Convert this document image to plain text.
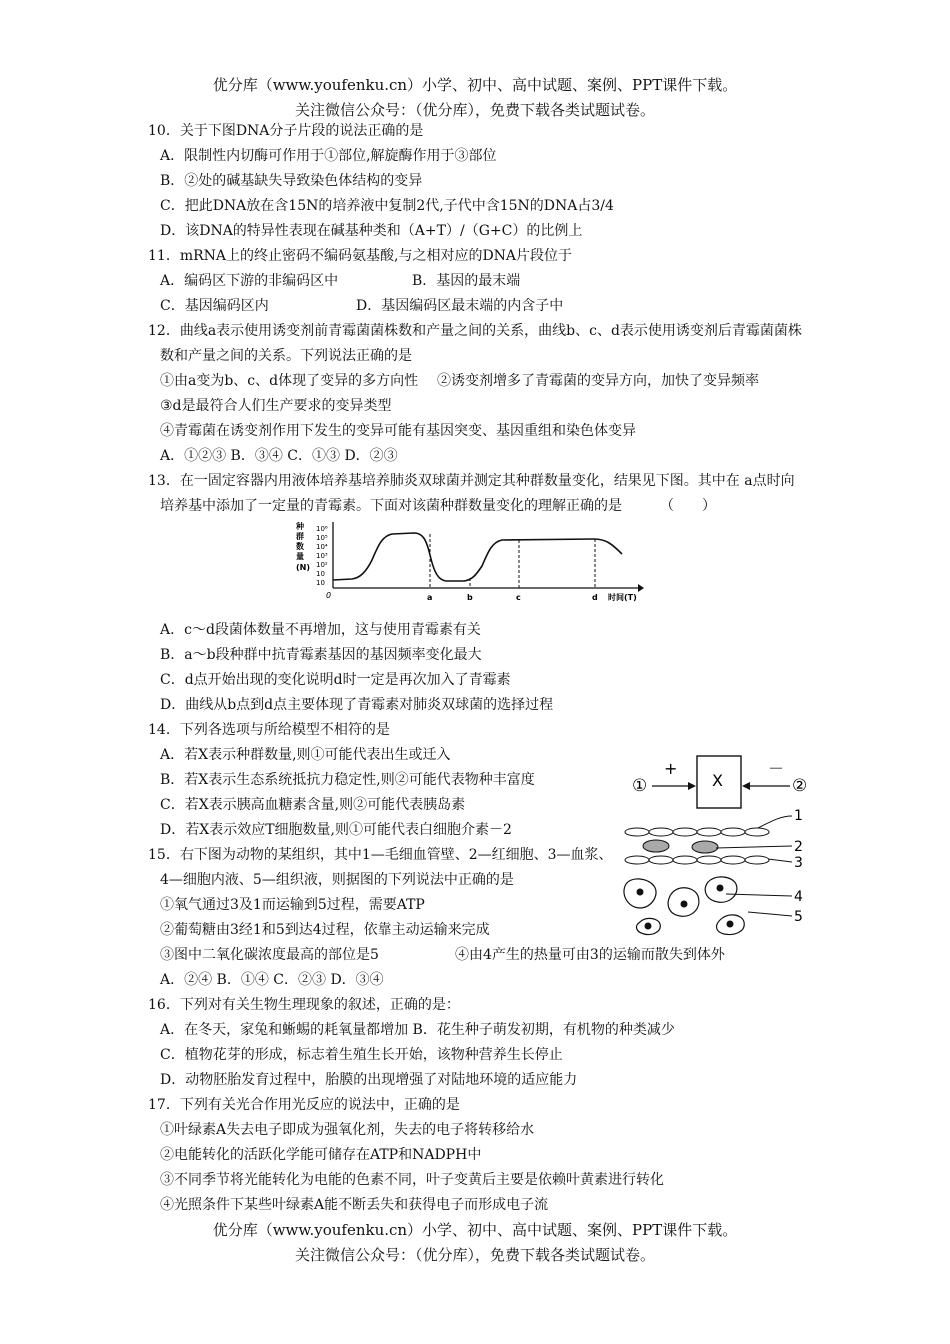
优分库（www.youfenku.cn）小学、初中、高中试题、案例、PPT课件下载。
关注微信公众号：（优分库），免费下载各类试题试卷。
10．关于下图DNA分子片段的说法正确的是
A．限制性内切酶可作用于①部位,解旋酶作用于③部位
B．②处的碱基缺失导致染色体结构的变异
C．把此DNA放在含15N的培养液中复制2代,子代中含15N的DNA占3/4
D．该DNA的特异性表现在碱基种类和（A+T）/（G+C）的比例上
11．mRNA上的终止密码不编码氨基酸,与之相对应的DNA片段位于
A．编码区下游的非编码区中	B．基因的最末端
C．基因编码区内	D．基因编码区最末端的内含子中
12．曲线a表示使用诱变剂前青霉菌菌株数和产量之间的关系，曲线b、c、d表示使用诱变剂后青霉菌菌株
数和产量之间的关系。下列说法正确的是
①由a变为b、c、d体现了变异的多方向性 ②诱变剂增多了青霉菌的变异方向，加快了变异频率
③d是最符合人们生产要求的变异类型
④青霉菌在诱变剂作用下发生的变异可能有基因突变、基因重组和染色体变异
A．①②③ B．③④ C．①③ D．②③
13．在一固定容器内用液体培养基培养肺炎双球菌并测定其种群数量变化，结果见下图。其中在 a点时向
培养基中添加了一定量的青霉素。下面对该菌种群数量变化的理解正确的是	（　　）
种
群
数
量
(N)
10⁶
10⁵
10⁴
10³
10²
10
10
0	a	b	c	d 时间(T)
A．c～d段菌体数量不再增加，这与使用青霉素有关
B．a～b段种群中抗青霉素基因的基因频率变化最大
C．d点开始出现的变化说明d时一定是再次加入了青霉素
D．曲线从b点到d点主要体现了青霉素对肺炎双球菌的选择过程
14．下列各选项与所给模型不相符的是
A．若X表示种群数量,则①可能代表出生或迁入
B．若X表示生态系统抵抗力稳定性,则②可能代表物种丰富度
C．若X表示胰高血糖素含量,则②可能代表胰岛素
D．若X表示效应T细胞数量,则①可能代表白细胞介素－2
①
+
X
－
②
1
2
3
4
5
15．右下图为动物的某组织，其中1—毛细血管壁、2—红细胞、3—血浆、
4—细胞内液、5—组织液，则据图的下列说法中正确的是
①氧气通过3及1而运输到5过程，需要ATP
②葡萄糖由3经1和5到达4过程，依靠主动运输来完成
③图中二氧化碳浓度最高的部位是5	④由4产生的热量可由3的运输而散失到体外
A．②④ B．①④ C．②③ D．③④
16．下列对有关生物生理现象的叙述，正确的是：
A．在冬天，家兔和蜥蜴的耗氧量都增加 B．花生种子萌发初期，有机物的种类减少
C．植物花芽的形成，标志着生殖生长开始，该物种营养生长停止
D．动物胚胎发育过程中，胎膜的出现增强了对陆地环境的适应能力
17．下列有关光合作用光反应的说法中，正确的是
①叶绿素A失去电子即成为强氧化剂，失去的电子将转移给水
②电能转化的活跃化学能可储存在ATP和NADPH中
③不同季节将光能转化为电能的色素不同，叶子变黄后主要是依赖叶黄素进行转化
④光照条件下某些叶绿素A能不断丢失和获得电子而形成电子流
优分库（www.youfenku.cn）小学、初中、高中试题、案例、PPT课件下载。
关注微信公众号：（优分库），免费下载各类试题试卷。
